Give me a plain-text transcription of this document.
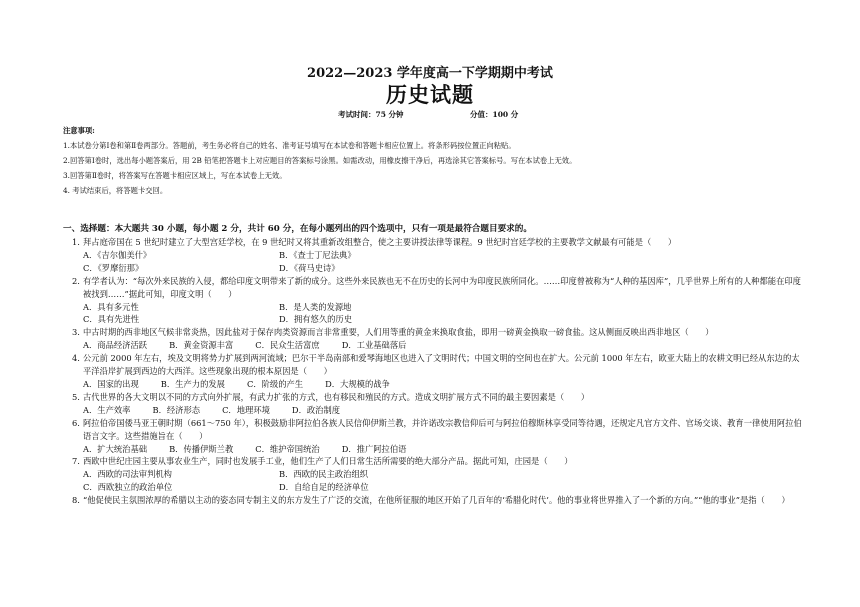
2022—2023 学年度高一下学期期中考试
历史试题
考试时间：75 分钟	分值：100 分
注意事项:
1.本试卷分第Ⅰ卷和第Ⅱ卷两部分。答题前，考生务必将自己的姓名、准考证号填写在本试卷和答题卡相应位置上。将条形码按位置正向粘贴。
2.回答第Ⅰ卷时，选出每小题答案后，用 2B 铅笔把答题卡上对应题目的答案标号涂黑。如需改动，用橡皮擦干净后，再选涂其它答案标号。写在本试卷上无效。
3.回答第Ⅱ卷时，将答案写在答题卡相应区域上，写在本试卷上无效。
4. 考试结束后，将答题卡交回。
一、选择题：本大题共 30 小题，每小题 2 分，共计 60 分，在每小题列出的四个选项中，只有一项是最符合题目要求的。
1. 拜占庭帝国在 5 世纪时建立了大型宫廷学校，在 9 世纪时又将其重新改组整合，使之主要讲授法律等课程。9 世纪时宫廷学校的主要教学文献最有可能是（　　）
A．《吉尔伽美什》	B．《查士丁尼法典》
C．《罗摩衍那》	D．《荷马史诗》
2. 有学者认为：“每次外来民族的入侵，都给印度文明带来了新的成分。这些外来民族也无不在历史的长河中为印度民族所同化。……印度曾被称为“人种的基因库”，几乎世界上所有的人种都能在印度被找到……”据此可知，印度文明（　　）
A．具有多元性	B．是人类的发源地
C．具有先进性	D．拥有悠久的历史
3. 中古时期的西非地区气候非常炎热，因此盐对于保存肉类资源而言非常重要，人们用等重的黄金来换取食盐，即用一磅黄金换取一磅食盐。这从侧面反映出西非地区（　　）
A．商品经济活跃	B．黄金资源丰富	C．民众生活富庶	D．工业基础落后
4. 公元前 2000 年左右，埃及文明将势力扩展到两河流域；巴尔干半岛南部和爱琴海地区也进入了文明时代；中国文明的空间也在扩大。公元前 1000 年左右，欧亚大陆上的农耕文明已经从东边的太平洋沿岸扩展到西边的大西洋。这些现象出现的根本原因是（　　）
A．国家的出现	B．生产力的发展	C．阶级的产生	D．大规模的战争
5. 古代世界的各大文明以不同的方式向外扩展，有武力扩张的方式，也有移民和殖民的方式。造成文明扩展方式不同的最主要因素是（　　）
A．生产效率	B．经济形态	C．地理环境	D．政治制度
6. 阿拉伯帝国倭马亚王朝时期（661～750 年），积极鼓励非阿拉伯各族人民信仰伊斯兰教，并许诺改宗教信仰后可与阿拉伯穆斯林享受同等待遇，还规定凡官方文件、官场交谈、教育一律使用阿拉伯语言文字。这些措施旨在（　　）
A．扩大统治基础	B．传播伊斯兰教	C．维护帝国统治	D．推广阿拉伯语
7. 西欧中世纪庄园主要从事农业生产，同时也发展手工业，他们生产了人们日常生活所需要的绝大部分产品。据此可知，庄园是（　　）
A．西欧的司法审判机构	B．西欧的民主政治组织
C．西欧独立的政治单位	D．自给自足的经济单位
8. “他促使民主氛围浓厚的希腊以主动的姿态同专制主义的东方发生了广泛的交流，在他所征服的地区开始了几百年的‘希腊化时代’。他的事业将世界推入了一个新的方向。”“他的事业”是指（　　）
